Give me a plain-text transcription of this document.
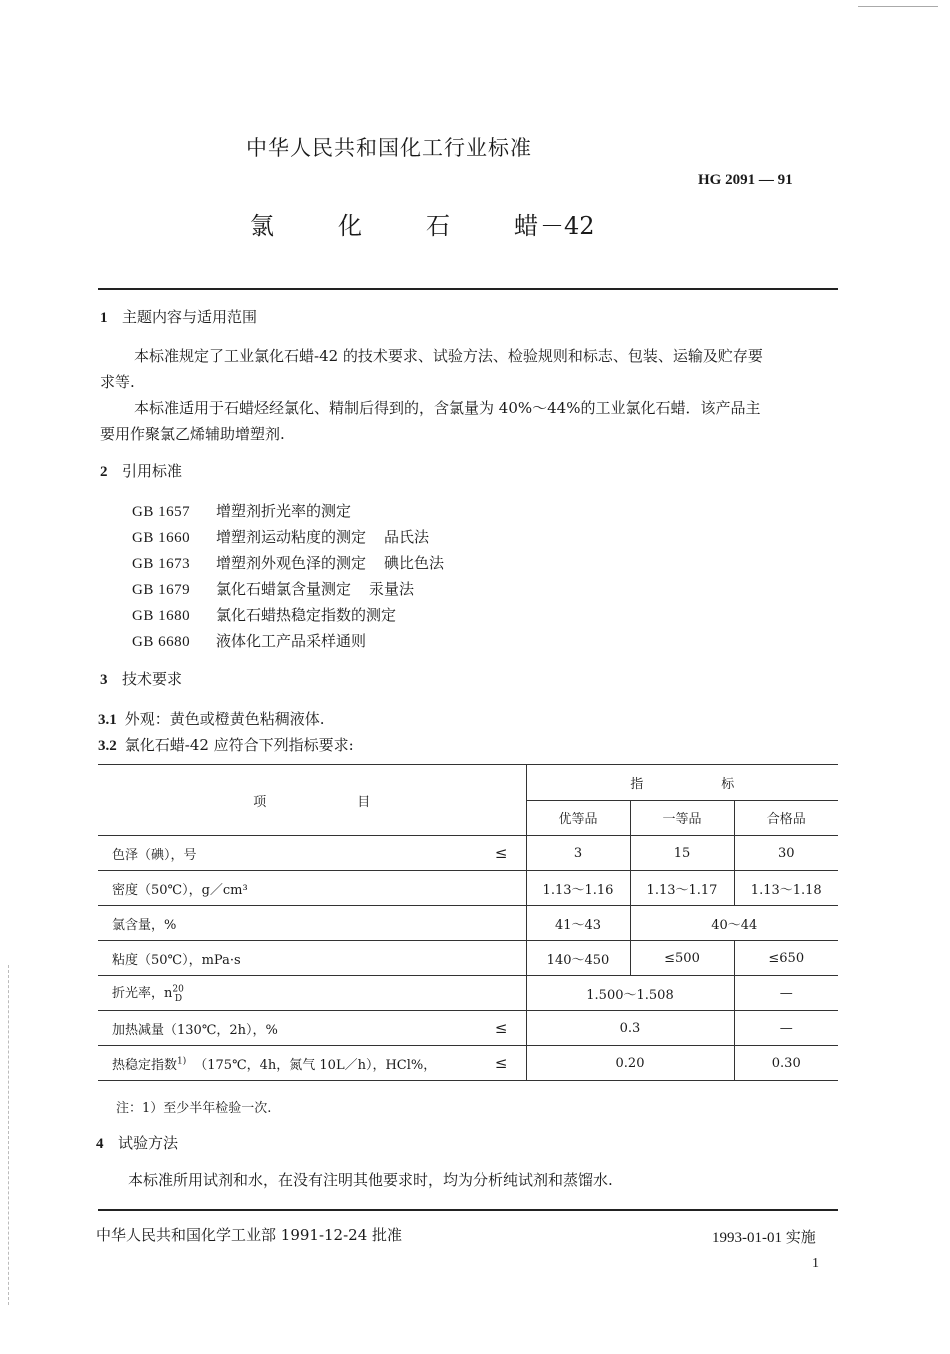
中华人民共和国化工行业标准
HG 2091 — 91
氯	化	石	蜡－42
1 主题内容与适用范围
本标准规定了工业氯化石蜡-42 的技术要求、试验方法、检验规则和标志、包装、运输及贮存要
求等.
本标准适用于石蜡烃经氯化、精制后得到的，含氯量为 40%～44%的工业氯化石蜡．该产品主
要用作聚氯乙烯辅助增塑剂.
2 引用标准
GB 1657 增塑剂折光率的测定
GB 1660 增塑剂运动粘度的测定 品氏法
GB 1673 增塑剂外观色泽的测定 碘比色法
GB 1679 氯化石蜡氯含量测定 汞量法
GB 1680 氯化石蜡热稳定指数的测定
GB 6680 液体化工产品采样通则
3 技术要求
3.1 外观：黄色或橙黄色粘稠液体.
3.2 氯化石蜡-42 应符合下列指标要求:
项　　　　　　　目	指　　　　　　标		
	优等品	一等品	合格品
色泽（碘），号 ≤	3	15	30
密度（50℃），g／cm³	1.13～1.16	1.13～1.17	1.13～1.18
氯含量，%	41～43	40～44	
粘度（50℃），mPa·s	140～450	≤500	≤650
折光率，$n^{20}_D$	1.500～1.508		—
加热减量（130℃，2h），% ≤	0.3		—
热稳定指数$^{1)}$ （175℃，4h，氮气 10L／h），HCl%， ≤	0.20		0.30
注：1）至少半年检验一次.
4 试验方法
本标准所用试剂和水，在没有注明其他要求时，均为分析纯试剂和蒸馏水.
中华人民共和国化学工业部 1991-12-24 批准	1993-01-01 实施
1
